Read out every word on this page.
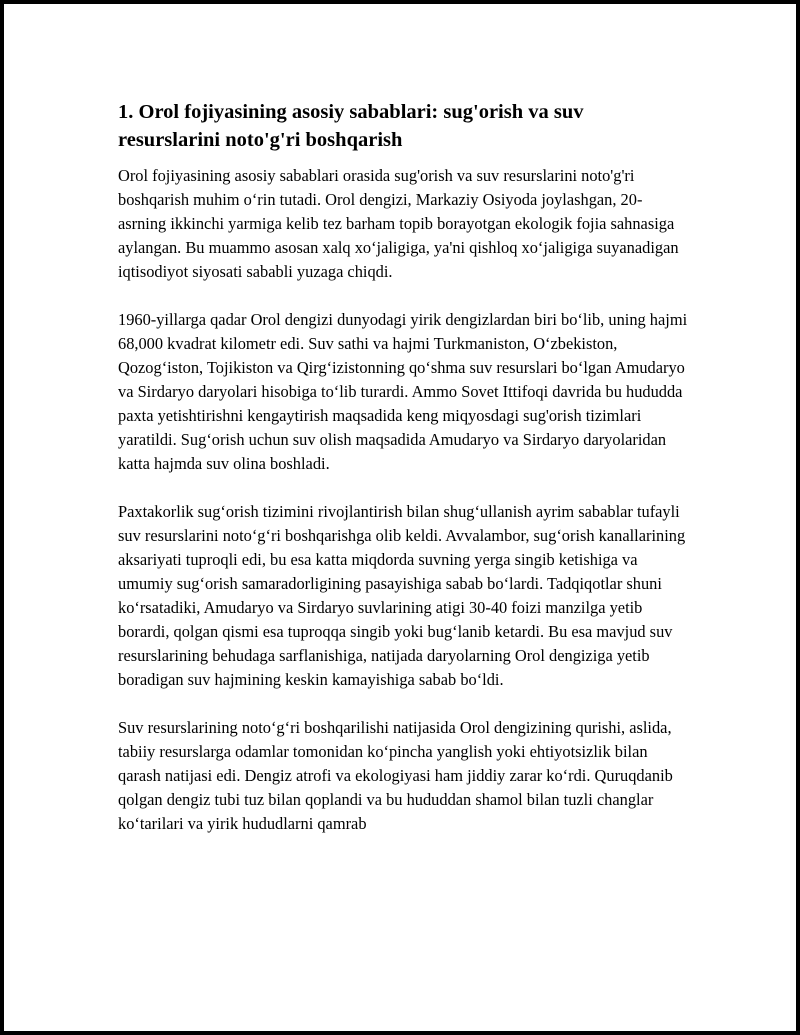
1. Orol fojiyasining asosiy sabablari: sug'orish va suv resurslarini noto'g'ri boshqarish

Orol fojiyasining asosiy sabablari orasida sug'orish va suv resurslarini noto'g'ri boshqarish muhim o‘rin tutadi. Orol dengizi, Markaziy Osiyoda joylashgan, 20-asrning ikkinchi yarmiga kelib tez barham topib borayotgan ekologik fojia sahnasiga aylangan. Bu muammo asosan xalq xo‘jaligiga, ya'ni qishloq xo‘jaligiga suyanadigan iqtisodiyot siyosati sababli yuzaga chiqdi.

1960-yillarga qadar Orol dengizi dunyodagi yirik dengizlardan biri bo‘lib, uning hajmi 68,000 kvadrat kilometr edi. Suv sathi va hajmi Turkmaniston, O‘zbekiston, Qozog‘iston, Tojikiston va Qirg‘izistonning qo‘shma suv resurslari bo‘lgan Amudaryo va Sirdaryo daryolari hisobiga to‘lib turardi. Ammo Sovet Ittifoqi davrida bu hududda paxta yetishtirishni kengaytirish maqsadida keng miqyosdagi sug'orish tizimlari yaratildi. Sug‘orish uchun suv olish maqsadida Amudaryo va Sirdaryo daryolaridan katta hajmda suv olina boshladi.

Paxtakorlik sug‘orish tizimini rivojlantirish bilan shug‘ullanish ayrim sabablar tufayli suv resurslarini noto‘g‘ri boshqarishga olib keldi. Avvalambor, sug‘orish kanallarining aksariyati tuproqli edi, bu esa katta miqdorda suvning yerga singib ketishiga va umumiy sug‘orish samaradorligining pasayishiga sabab bo‘lardi. Tadqiqotlar shuni ko‘rsatadiki, Amudaryo va Sirdaryo suvlarining atigi 30-40 foizi manzilga yetib borardi, qolgan qismi esa tuproqqa singib yoki bug‘lanib ketardi. Bu esa mavjud suv resurslarining behudaga sarflanishiga, natijada daryolarning Orol dengiziga yetib boradigan suv hajmining keskin kamayishiga sabab bo‘ldi.

Suv resurslarining noto‘g‘ri boshqarilishi natijasida Orol dengizining qurishi, aslida, tabiiy resurslarga odamlar tomonidan ko‘pincha yanglish yoki ehtiyotsizlik bilan qarash natijasi edi. Dengiz atrofi va ekologiyasi ham jiddiy zarar ko‘rdi. Quruqdanib qolgan dengiz tubi tuz bilan qoplandi va bu hududdan shamol bilan tuzli changlar ko‘tarilari va yirik hududlarni qamrab
